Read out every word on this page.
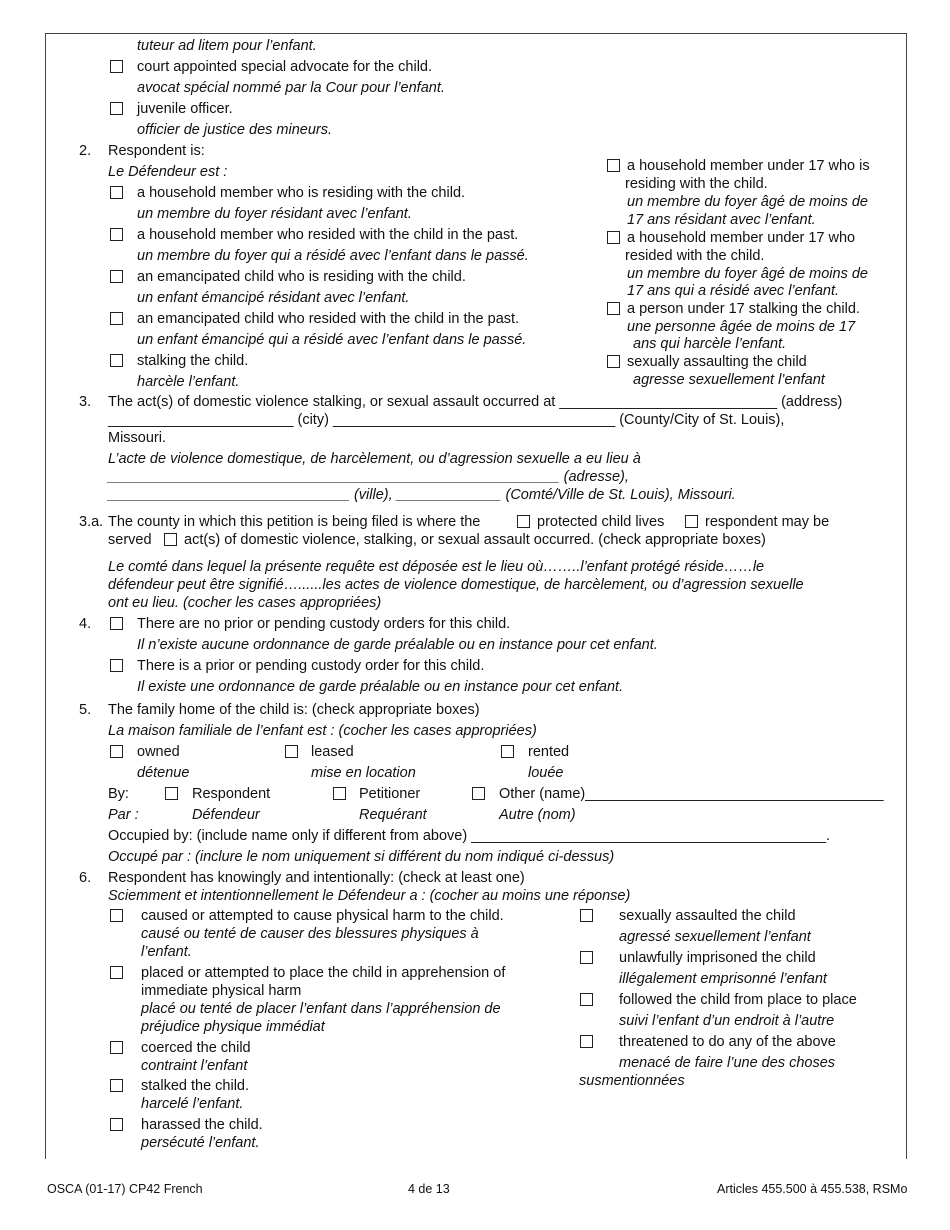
tuteur ad litem pour l’enfant.
court appointed special advocate for the child.
avocat spécial nommé par la Cour pour l’enfant.
juvenile officer.
officier de justice des mineurs.
2. Respondent is:
Le Défendeur est :
a household member who is residing with the child.
un membre du foyer résidant avec l’enfant.
a household member who resided with the child in the past.
un membre du foyer qui a résidé avec l’enfant dans le passé.
an emancipated child who is residing with the child.
un enfant émancipé résidant avec l’enfant.
an emancipated child who resided with the child in the past.
un enfant émancipé qui a résidé avec l’enfant dans le passé.
stalking the child.
harcèle l’enfant.
a household member under 17 who is
residing with the child.
un membre du foyer âgé de moins de
17 ans résidant avec l’enfant.
a household member under 17 who
resided with the child.
un membre du foyer âgé de moins de
17 ans qui a résidé avec l’enfant.
a person under 17 stalking the child.
une personne âgée de moins de 17
ans qui harcèle l’enfant.
sexually assaulting the child
agresse sexuellement l’enfant
3. The act(s) of domestic violence stalking, or sexual assault occurred at ___________________________ (address)
_______________________ (city) ___________________________________ (County/City of St. Louis),
Missouri.
L’acte de violence domestique, de harcèlement, ou d’agression sexuelle a eu lieu à
________________________________________________________ (adresse),
______________________________ (ville), _____________ (Comté/Ville de St. Louis), Missouri.
3.a. The county in which this petition is being filed is where the	protected child lives	respondent may be
served act(s) of domestic violence, stalking, or sexual assault occurred. (check appropriate boxes)
Le comté dans lequel la présente requête est déposée est le lieu où……..l’enfant protégé réside……le
défendeur peut être signifié…......les actes de violence domestique, de harcèlement, ou d’agression sexuelle
ont eu lieu. (cocher les cases appropriées)
4.	There are no prior or pending custody orders for this child.
Il n’existe aucune ordonnance de garde préalable ou en instance pour cet enfant.
There is a prior or pending custody order for this child.
Il existe une ordonnance de garde préalable ou en instance pour cet enfant.
5. The family home of the child is: (check appropriate boxes)
La maison familiale de l’enfant est : (cocher les cases appropriées)
owned
détenue
leased
mise en location
rented
louée
By:
Par :
Respondent
Défendeur
Petitioner
Requérant
Other (name)_____________________________________
Autre (nom)
Occupied by: (include name only if different from above) ____________________________________________.
Occupé par : (inclure le nom uniquement si différent du nom indiqué ci-dessus)
6. Respondent has knowingly and intentionally: (check at least one)
Sciemment et intentionnellement le Défendeur a : (cocher au moins une réponse)
caused or attempted to cause physical harm to the child.
causé ou tenté de causer des blessures physiques à
l’enfant.
placed or attempted to place the child in apprehension of
immediate physical harm
placé ou tenté de placer l’enfant dans l’appréhension de
préjudice physique immédiat
coerced the child
contraint l’enfant
stalked the child.
harcelé l’enfant.
harassed the child.
persécuté l’enfant.
sexually assaulted the child
agressé sexuellement l’enfant
unlawfully imprisoned the child
illégalement emprisonné l’enfant
followed the child from place to place
suivi l’enfant d’un endroit à l’autre
threatened to do any of the above
menacé de faire l’une des choses
susmentionnées
OSCA (01-17) CP42 French	4 de 13	Articles 455.500 à 455.538, RSMo
